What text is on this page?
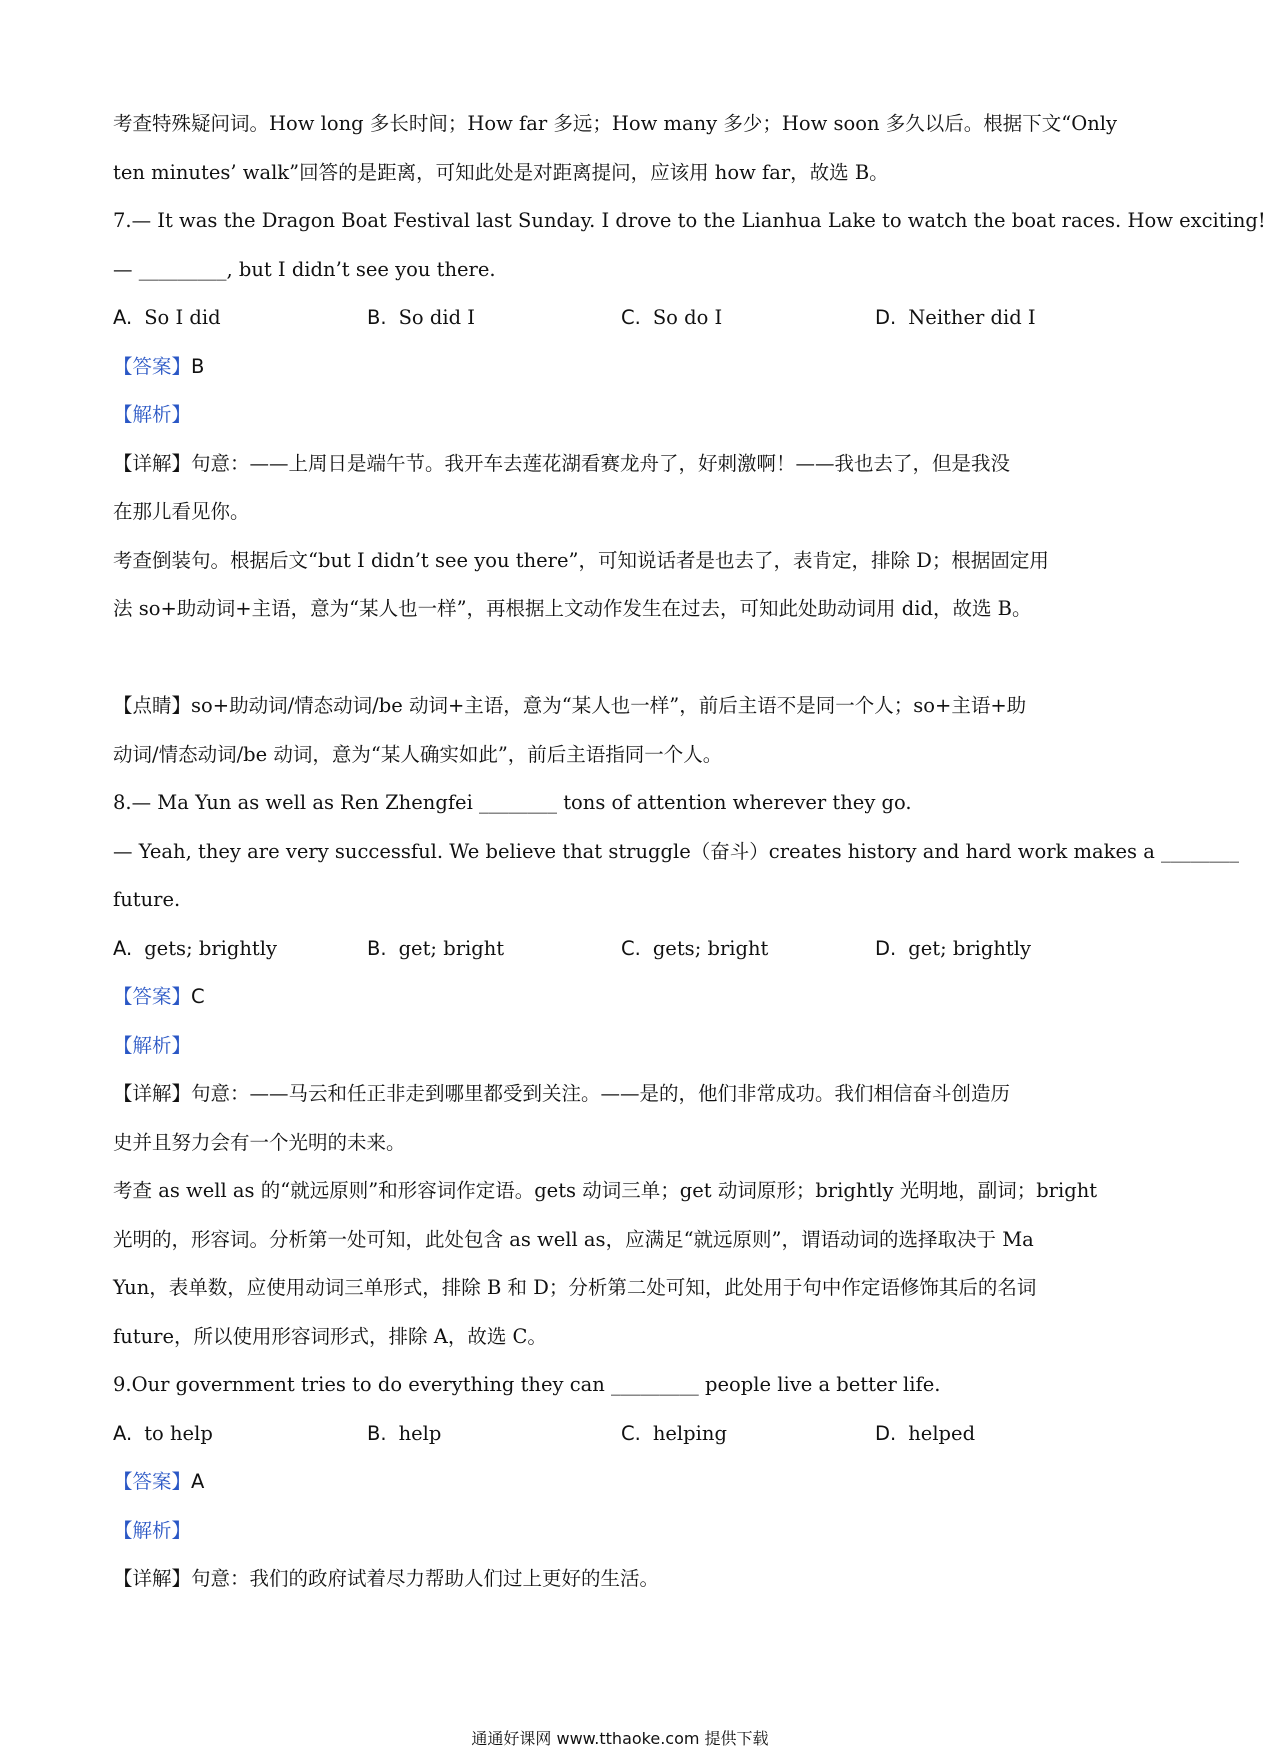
考查特殊疑问词。How long 多长时间；How far 多远；How many 多少；How soon 多久以后。根据下文“Only
ten minutes’ walk”回答的是距离，可知此处是对距离提问，应该用 how far，故选 B。
7.— It was the Dragon Boat Festival last Sunday. I drove to the Lianhua Lake to watch the boat races. How exciting!
— _________, but I didn’t see you there.
A. So I did	B. So did I	C. So do I	D. Neither did I
【答案】B
【解析】
【详解】句意：——上周日是端午节。我开车去莲花湖看赛龙舟了，好刺激啊！——我也去了，但是我没
在那儿看见你。
考查倒装句。根据后文“but I didn’t see you there”，可知说话者是也去了，表肯定，排除 D；根据固定用
法 so+助动词+主语，意为“某人也一样”，再根据上文动作发生在过去，可知此处助动词用 did，故选 B。
【点睛】so+助动词/情态动词/be 动词+主语，意为“某人也一样”，前后主语不是同一个人；so+主语+助
动词/情态动词/be 动词，意为“某人确实如此”，前后主语指同一个人。
8.— Ma Yun as well as Ren Zhengfei ________ tons of attention wherever they go.
— Yeah, they are very successful. We believe that struggle（奋斗）creates history and hard work makes a ________
future.
A. gets; brightly	B. get; bright	C. gets; bright	D. get; brightly
【答案】C
【解析】
【详解】句意：——马云和任正非走到哪里都受到关注。——是的，他们非常成功。我们相信奋斗创造历
史并且努力会有一个光明的未来。
考查 as well as 的“就远原则”和形容词作定语。gets 动词三单；get 动词原形；brightly 光明地，副词；bright
光明的，形容词。分析第一处可知，此处包含 as well as，应满足“就远原则”，谓语动词的选择取决于 Ma
Yun，表单数，应使用动词三单形式，排除 B 和 D；分析第二处可知，此处用于句中作定语修饰其后的名词
future，所以使用形容词形式，排除 A，故选 C。
9.Our government tries to do everything they can _________ people live a better life.
A. to help	B. help	C. helping	D. helped
【答案】A
【解析】
【详解】句意：我们的政府试着尽力帮助人们过上更好的生活。
通通好课网 www.tthaoke.com 提供下载
